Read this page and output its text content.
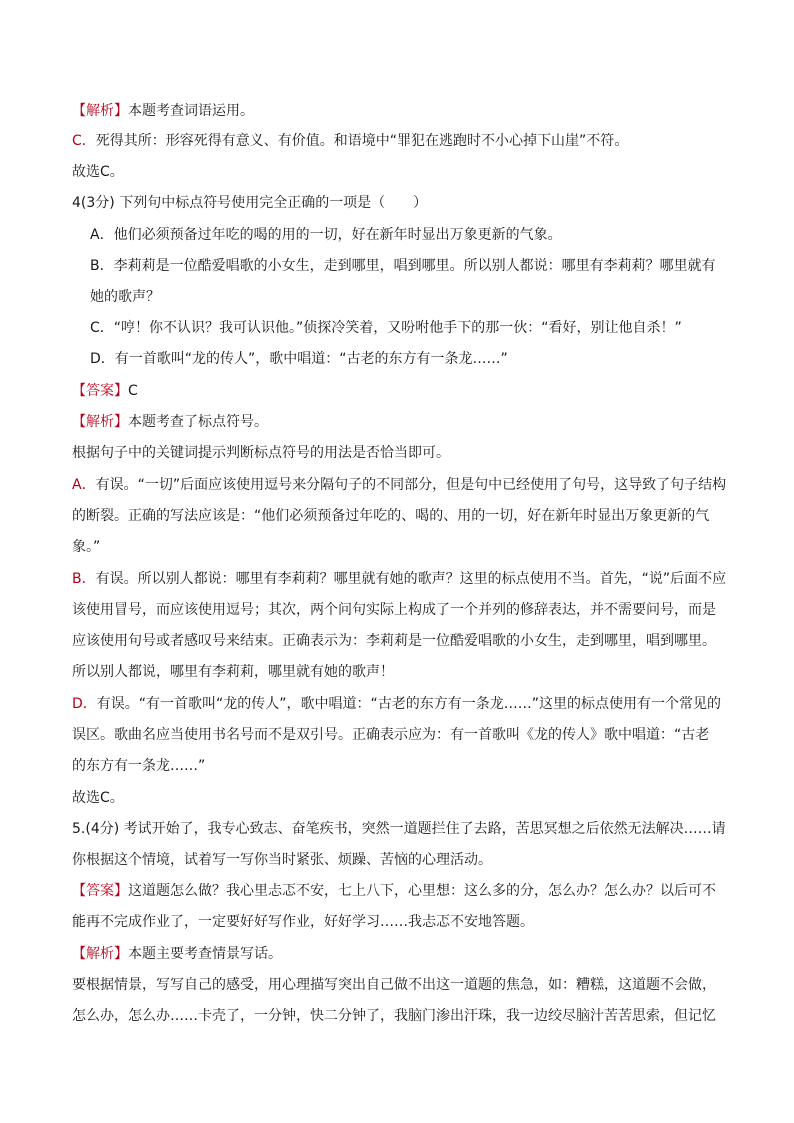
【解析】本题考查词语运用。
C．死得其所：形容死得有意义、有价值。和语境中“罪犯在逃跑时不小心掉下山崖”不符。
故选C。
4(3分) 下列句中标点符号使用完全正确的一项是（　　）
A．他们必须预备过年吃的喝的用的一切，好在新年时显出万象更新的气象。
B．李莉莉是一位酷爱唱歌的小女生，走到哪里，唱到哪里。所以别人都说：哪里有李莉莉？哪里就有
她的歌声？
C．“哼！你不认识？我可认识他。”侦探冷笑着，又吩咐他手下的那一伙：“看好，别让他自杀！”
D．有一首歌叫“龙的传人”，歌中唱道：“古老的东方有一条龙……”
【答案】C
【解析】本题考查了标点符号。
根据句子中的关键词提示判断标点符号的用法是否恰当即可。
A．有误。“一切”后面应该使用逗号来分隔句子的不同部分，但是句中已经使用了句号，这导致了句子结构
的断裂。正确的写法应该是：“他们必须预备过年吃的、喝的、用的一切，好在新年时显出万象更新的气
象。”
B．有误。所以别人都说：哪里有李莉莉？哪里就有她的歌声？这里的标点使用不当。首先，“说”后面不应
该使用冒号，而应该使用逗号；其次，两个问句实际上构成了一个并列的修辞表达，并不需要问号，而是
应该使用句号或者感叹号来结束。正确表示为：李莉莉是一位酷爱唱歌的小女生，走到哪里，唱到哪里。
所以别人都说，哪里有李莉莉，哪里就有她的歌声！
D．有误。“有一首歌叫“龙的传人”，歌中唱道：“古老的东方有一条龙……”这里的标点使用有一个常见的
误区。歌曲名应当使用书名号而不是双引号。正确表示应为：有一首歌叫《龙的传人》歌中唱道：“古老
的东方有一条龙……”
故选C。
5.(4分) 考试开始了，我专心致志、奋笔疾书，突然一道题拦住了去路，苦思冥想之后依然无法解决……请
你根据这个情境，试着写一写你当时紧张、烦躁、苦恼的心理活动。
【答案】这道题怎么做？我心里忐忑不安，七上八下，心里想：这么多的分，怎么办？怎么办？以后可不
能再不完成作业了，一定要好好写作业，好好学习……我忐忑不安地答题。
【解析】本题主要考查情景写话。
要根据情景，写写自己的感受，用心理描写突出自己做不出这一道题的焦急，如：糟糕，这道题不会做，
怎么办，怎么办……卡壳了，一分钟，快二分钟了，我脑门渗出汗珠，我一边绞尽脑汁苦苦思索，但记忆
